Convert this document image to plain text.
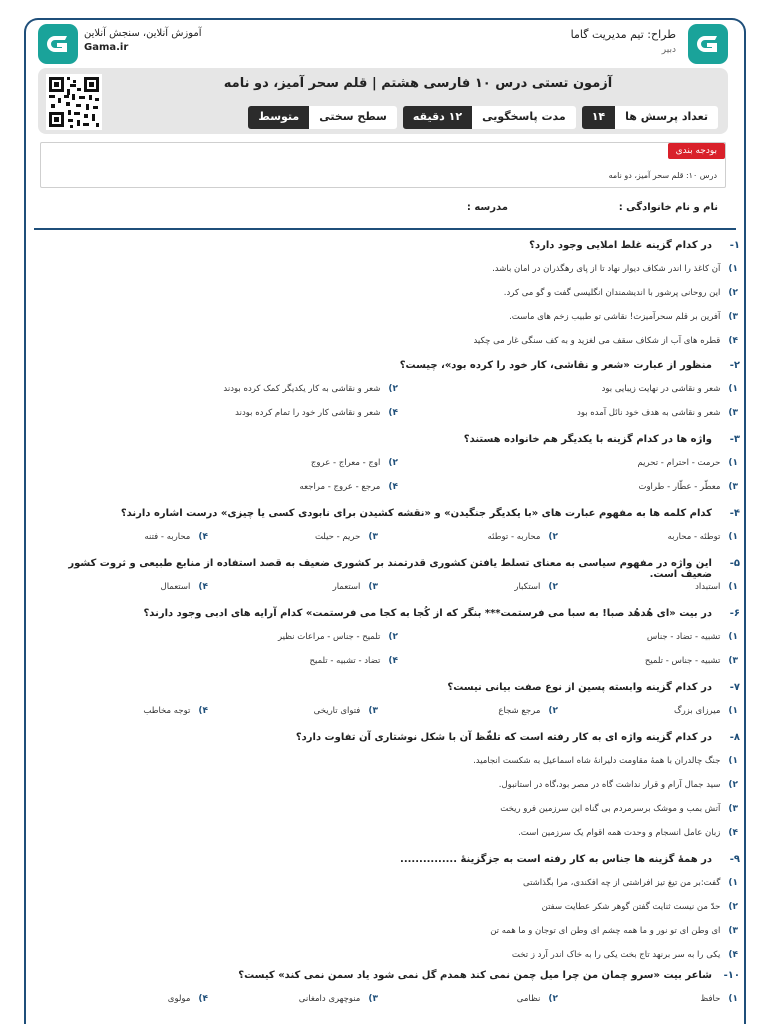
طراح: تیم مدیریت گاما
دبیر
آموزش آنلاین، سنجش آنلاین
Gama.ir
آزمون تستی درس ۱۰ فارسی هشتم | قلم سحر آمیز، دو نامه
تعداد پرسش ها
۱۴
مدت پاسخگویی
۱۲ دقیقه
سطح سختی
متوسط
بودجه بندی
درس ۱۰: قلم سحر آمیز، دو نامه
نام و نام خانوادگی :
مدرسه :
-۱
در کدام گزینه غلط املایی وجود دارد؟
۱)آن کاغذ را اندر شکاف دیوار نهاد تا از پای رهگذران در امان باشد.
۲)این روحانی پرشور با اندیشمندان انگلیسی گفت و گو می کرد.
۳)آفرین بر قلم سحرآمیزت! نقاشی تو طبیب زخم های ماست.
۴)قطره های آب از شکاف سقف می لغزید و به کف سنگی غار می چکید
-۲
منظور از عبارت «شعر و نقاشی، کار خود را کرده بود»، چیست؟
۱)شعر و نقاشی در نهایت زیبایی بود
۲)شعر و نقاشی به کار یکدیگر کمک کرده بودند
۳)شعر و نقاشی به هدف خود نائل آمده بود
۴)شعر و نقاشی کار خود را تمام کرده بودند
-۳
واژه ها در کدام گزینه با یکدیگر هم خانواده هستند؟
۱)حرمت - احترام - تحریم
۲)اوج - معراج - عروج
۳)معطّر - عطّار - طراوت
۴)مرجع - عروج - مراجعه
-۴
کدام کلمه ها به مفهوم عبارت های «با یکدیگر جنگیدن» و «نقشه کشیدن برای نابودی کسی یا چیزی» درست اشاره دارند؟
۱)توطئه - محاربه
۲)محاربه - توطئه
۳)حریم - حیلت
۴)محاربه - فتنه
-۵
این واژه در مفهوم سیاسی به معنای تسلط یافتن کشوری قدرتمند بر کشوری ضعیف به قصد استفاده از منابع طبیعی و ثروت کشور ضعیف است.
۱)استبداد
۲)استکبار
۳)استعمار
۴)استعمال
-۶
در بیت «ای هُدهُد صبا! به سبا می فرستمت*** بنگر که از کُجا به کجا می فرستمت» کدام آرایه های ادبی وجود دارند؟
۱)تشبیه - تضاد - جناس
۲)تلمیح - جناس - مراعات نظیر
۳)تشبیه - جناس - تلمیح
۴)تضاد - تشبیه - تلمیح
-۷
در کدام گزینه وابسته پسین از نوع صفت بیانی نیست؟
۱)میرزای بزرگ
۲)مرجع شجاع
۳)فتوای تاریخی
۴)توجه مخاطب
-۸
در کدام گزینه واژه ای به کار رفته است که تلفّظ آن با شکل نوشتاری آن تفاوت دارد؟
۱)جنگ چالدران با همهٔ مقاومت دلیرانهٔ شاه اسماعیل به شکست انجامید.
۲)سید جمال آرام و قرار نداشت گاه در مصر بود،گاه در استانبول.
۳)آتش بمب و موشک برسرمردم بی گناه این سرزمین فرو ریخت
۴)زبان عامل انسجام و وحدت همه اقوام یک سرزمین است.
-۹
در همهٔ گزینه ها جناس به کار رفته است به جزگزینهٔ ...............
۱)گفت:بر من تیغ تیز افراشتی از چه افکندی، مرا بگذاشتی
۲)حدّ من نیست ثنایت گفتن گوهر شکر عطایت سفتن
۳)ای وطن ای تو نور و ما همه چشم ای وطن ای توجان و ما همه تن
۴)یکی را به سر برنهد تاج بخت یکی را به خاک اندر آرد ز تخت
-۱۰
شاعر بیت «سرو چمان من چرا میل چمن نمی کند همدم گل نمی شود یاد سمن نمی کند» کیست؟
۱)حافظ
۲)نظامی
۳)منوچهری دامغانی
۴)مولوی
